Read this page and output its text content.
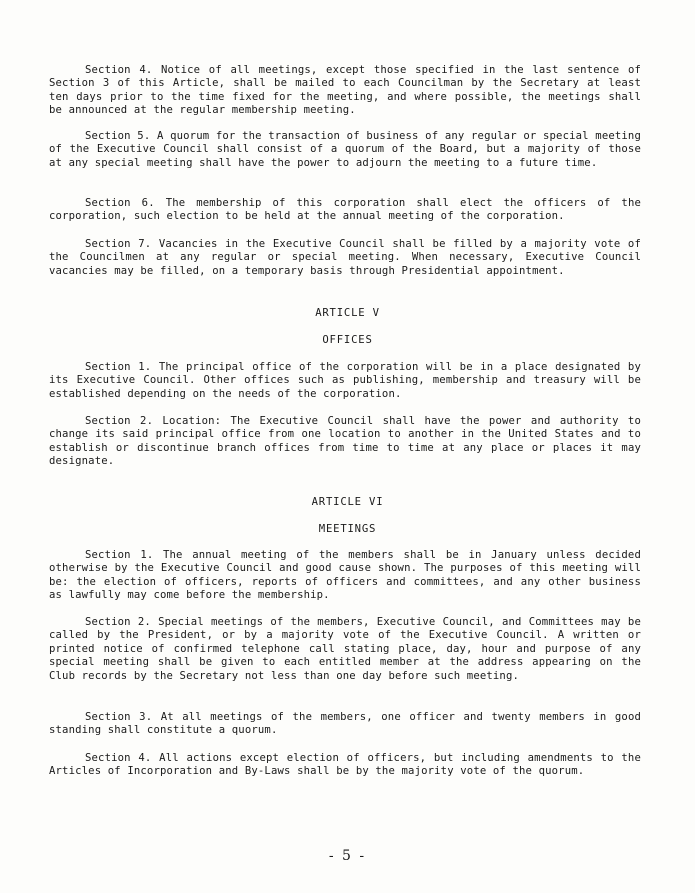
Section 4. Notice of all meetings, except those specified in the last sentence of Section 3 of this Article, shall be mailed to each Councilman by the Secretary at least ten days prior to the time fixed for the meeting, and where possible, the meetings shall be announced at the regular membership meeting.

Section 5. A quorum for the transaction of business of any regular or special meeting of the Executive Council shall consist of a quorum of the Board, but a majority of those at any special meeting shall have the power to adjourn the meeting to a future time.

Section 6. The membership of this corporation shall elect the officers of the corporation, such election to be held at the annual meeting of the corporation.

Section 7. Vacancies in the Executive Council shall be filled by a majority vote of the Councilmen at any regular or special meeting. When necessary, Executive Council vacancies may be filled, on a temporary basis through Presidential appointment.

ARTICLE V

OFFICES

Section 1. The principal office of the corporation will be in a place designated by its Executive Council. Other offices such as publishing, membership and treasury will be established depending on the needs of the corporation.

Section 2. Location: The Executive Council shall have the power and authority to change its said principal office from one location to another in the United States and to establish or discontinue branch offices from time to time at any place or places it may designate.

ARTICLE VI

MEETINGS

Section 1. The annual meeting of the members shall be in January unless decided otherwise by the Executive Council and good cause shown. The purposes of this meeting will be: the election of officers, reports of officers and committees, and any other business as lawfully may come before the membership.

Section 2. Special meetings of the members, Executive Council, and Committees may be called by the President, or by a majority vote of the Executive Council. A written or printed notice of confirmed telephone call stating place, day, hour and purpose of any special meeting shall be given to each entitled member at the address appearing on the Club records by the Secretary not less than one day before such meeting.

Section 3. At all meetings of the members, one officer and twenty members in good standing shall constitute a quorum.

Section 4. All actions except election of officers, but including amendments to the Articles of Incorporation and By-Laws shall be by the majority vote of the quorum.

- 5 -
